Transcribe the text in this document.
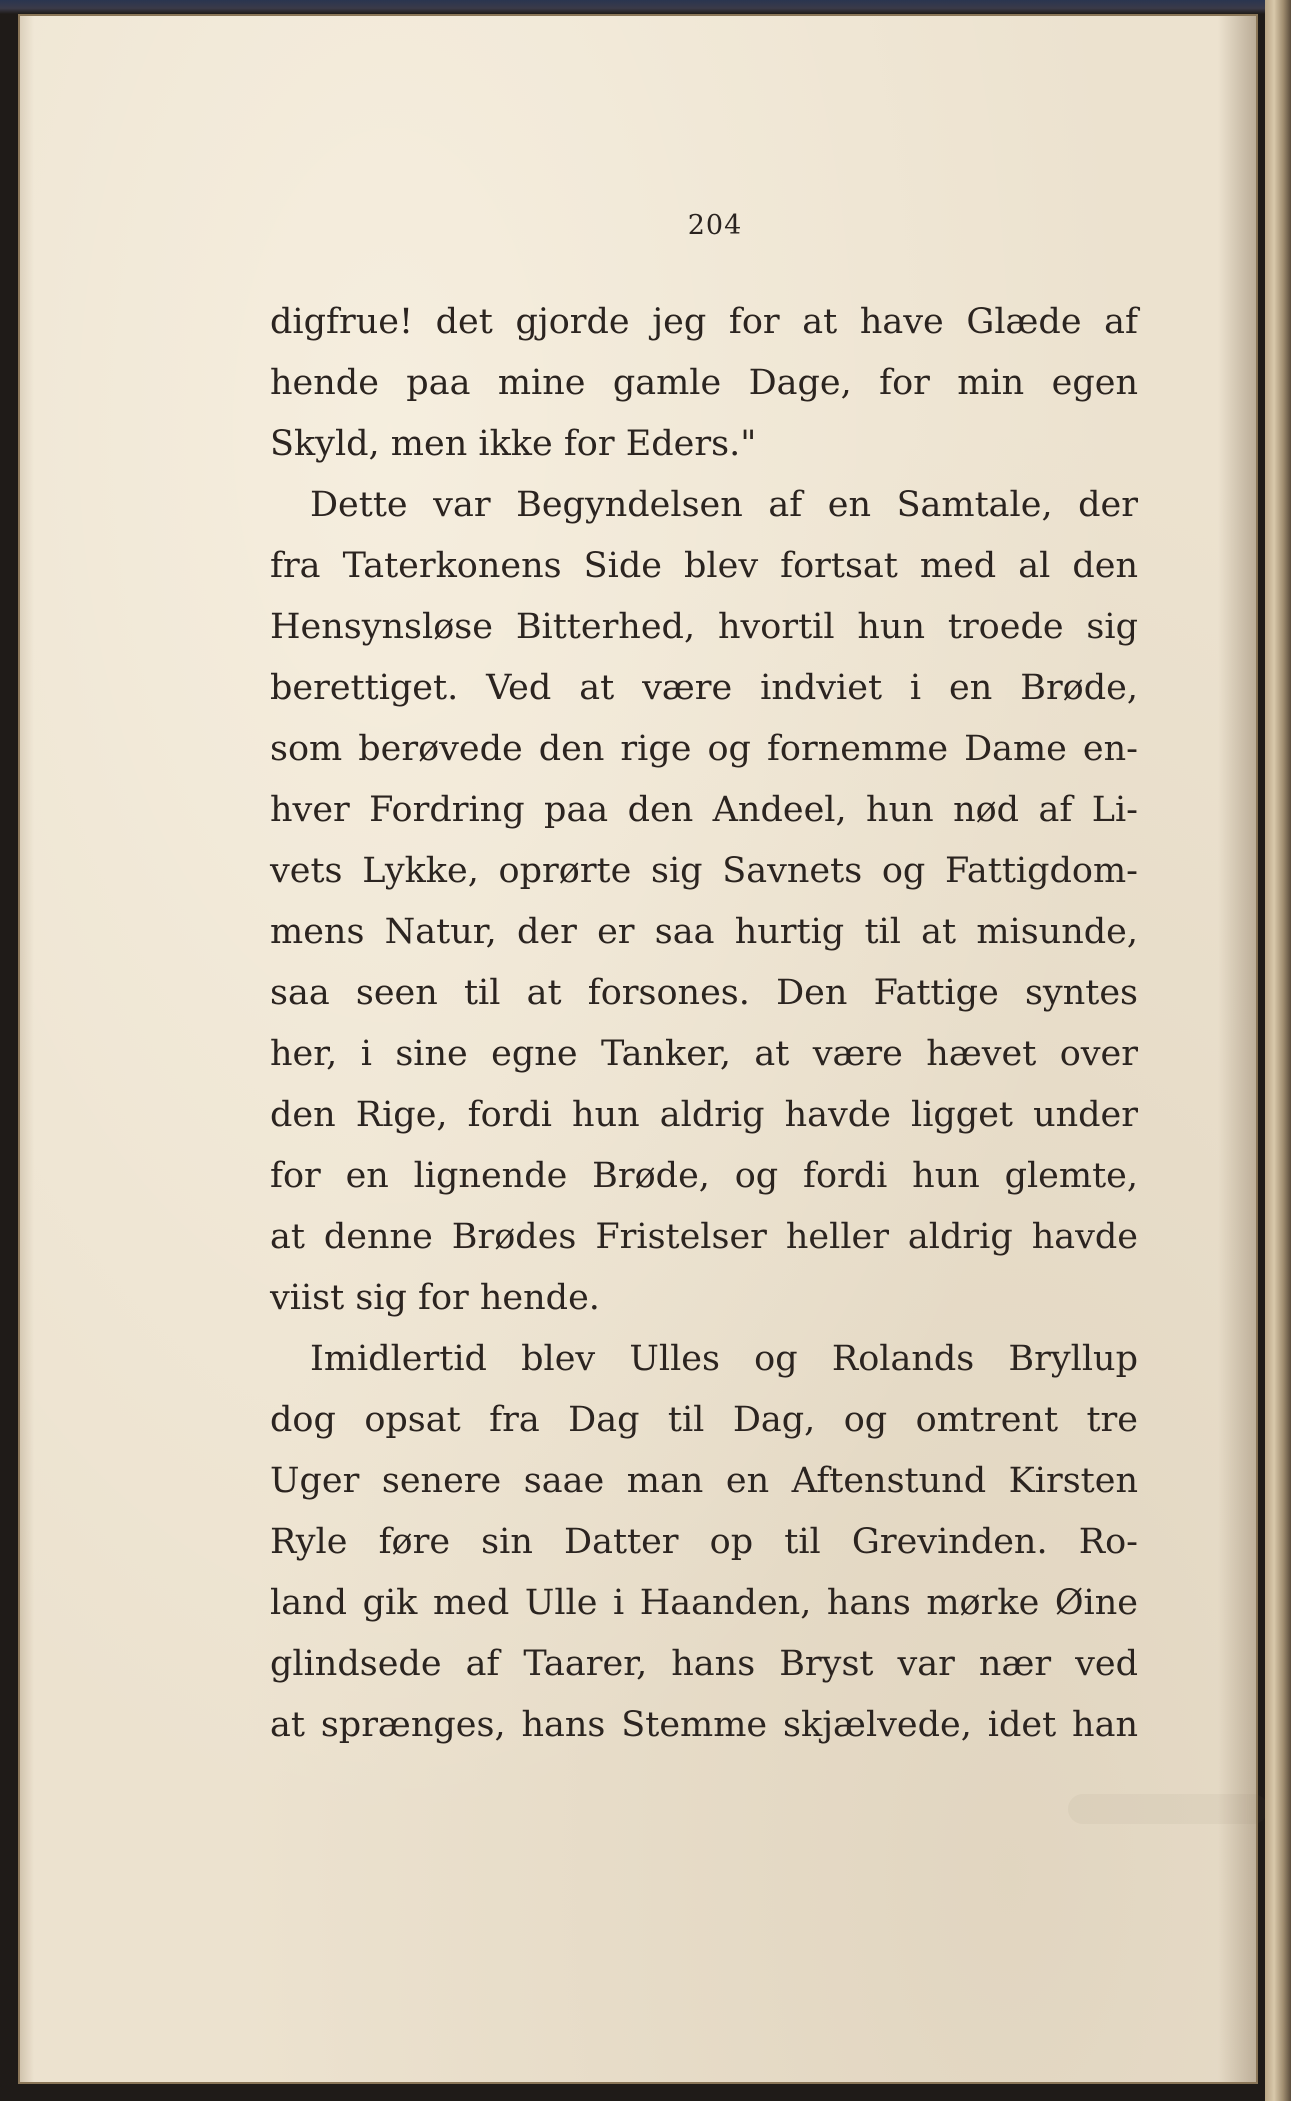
204
digfrue! det gjorde jeg for at have Glæde af
hende paa mine gamle Dage, for min egen
Skyld, men ikke for Eders."
Dette var Begyndelsen af en Samtale, der
fra Taterkonens Side blev fortsat med al den
Hensynsløse Bitterhed, hvortil hun troede sig
berettiget. Ved at være indviet i en Brøde,
som berøvede den rige og fornemme Dame en-
hver Fordring paa den Andeel, hun nød af Li-
vets Lykke, oprørte sig Savnets og Fattigdom-
mens Natur, der er saa hurtig til at misunde,
saa seen til at forsones. Den Fattige syntes
her, i sine egne Tanker, at være hævet over
den Rige, fordi hun aldrig havde ligget under
for en lignende Brøde, og fordi hun glemte,
at denne Brødes Fristelser heller aldrig havde
viist sig for hende.
Imidlertid blev Ulles og Rolands Bryllup
dog opsat fra Dag til Dag, og omtrent tre
Uger senere saae man en Aftenstund Kirsten
Ryle føre sin Datter op til Grevinden. Ro-
land gik med Ulle i Haanden, hans mørke Øine
glindsede af Taarer, hans Bryst var nær ved
at sprænges, hans Stemme skjælvede, idet han
